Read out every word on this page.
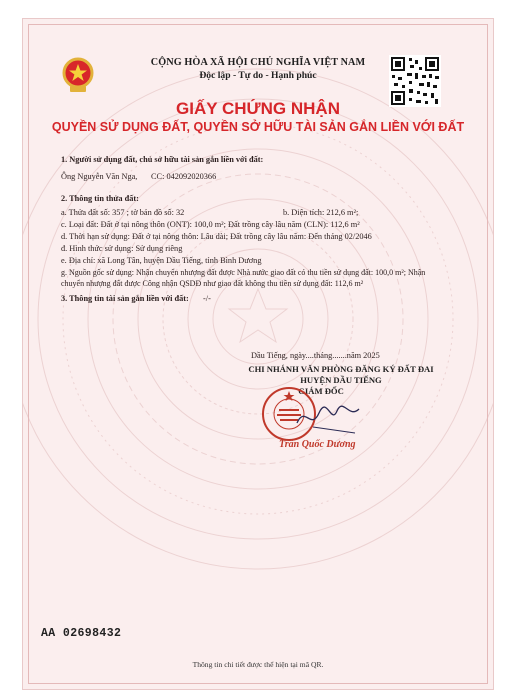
CỘNG HÒA XÃ HỘI CHỦ NGHĨA VIỆT NAM
Độc lập - Tự do - Hạnh phúc
GIẤY CHỨNG NHẬN
QUYỀN SỬ DỤNG ĐẤT, QUYỀN SỞ HỮU TÀI SẢN GẮN LIỀN VỚI ĐẤT
1. Người sử dụng đất, chủ sở hữu tài sản gắn liền với đất:
Ông Nguyễn Văn Nga, CC: 042092020366
2. Thông tin thửa đất:
a. Thửa đất số: 357 ; tờ bản đồ số: 32	b. Diện tích: 212,6 m²;
c. Loại đất: Đất ở tại nông thôn (ONT): 100,0 m²; Đất trồng cây lâu năm (CLN): 112,6 m²
d. Thời hạn sử dụng: Đất ở tại nông thôn: Lâu dài; Đất trồng cây lâu năm: Đến tháng 02/2046
đ. Hình thức sử dụng: Sử dụng riêng
e. Địa chỉ: xã Long Tân, huyện Dầu Tiếng, tỉnh Bình Dương
g. Nguồn gốc sử dụng: Nhận chuyển nhượng đất được Nhà nước giao đất có thu tiền sử dụng đất: 100,0 m²; Nhận
chuyển nhượng đất được Công nhận QSDĐ như giao đất không thu tiền sử dụng đất: 112,6 m²
3. Thông tin tài sản gắn liền với đất: -/-
Dầu Tiếng, ngày....tháng.......năm 2025
CHI NHÁNH VĂN PHÒNG ĐĂNG KÝ ĐẤT ĐAI
HUYỆN DẦU TIẾNG
GIÁM ĐỐC
Trần Quốc Dương
AA 02698432
Thông tin chi tiết được thể hiện tại mã QR.
